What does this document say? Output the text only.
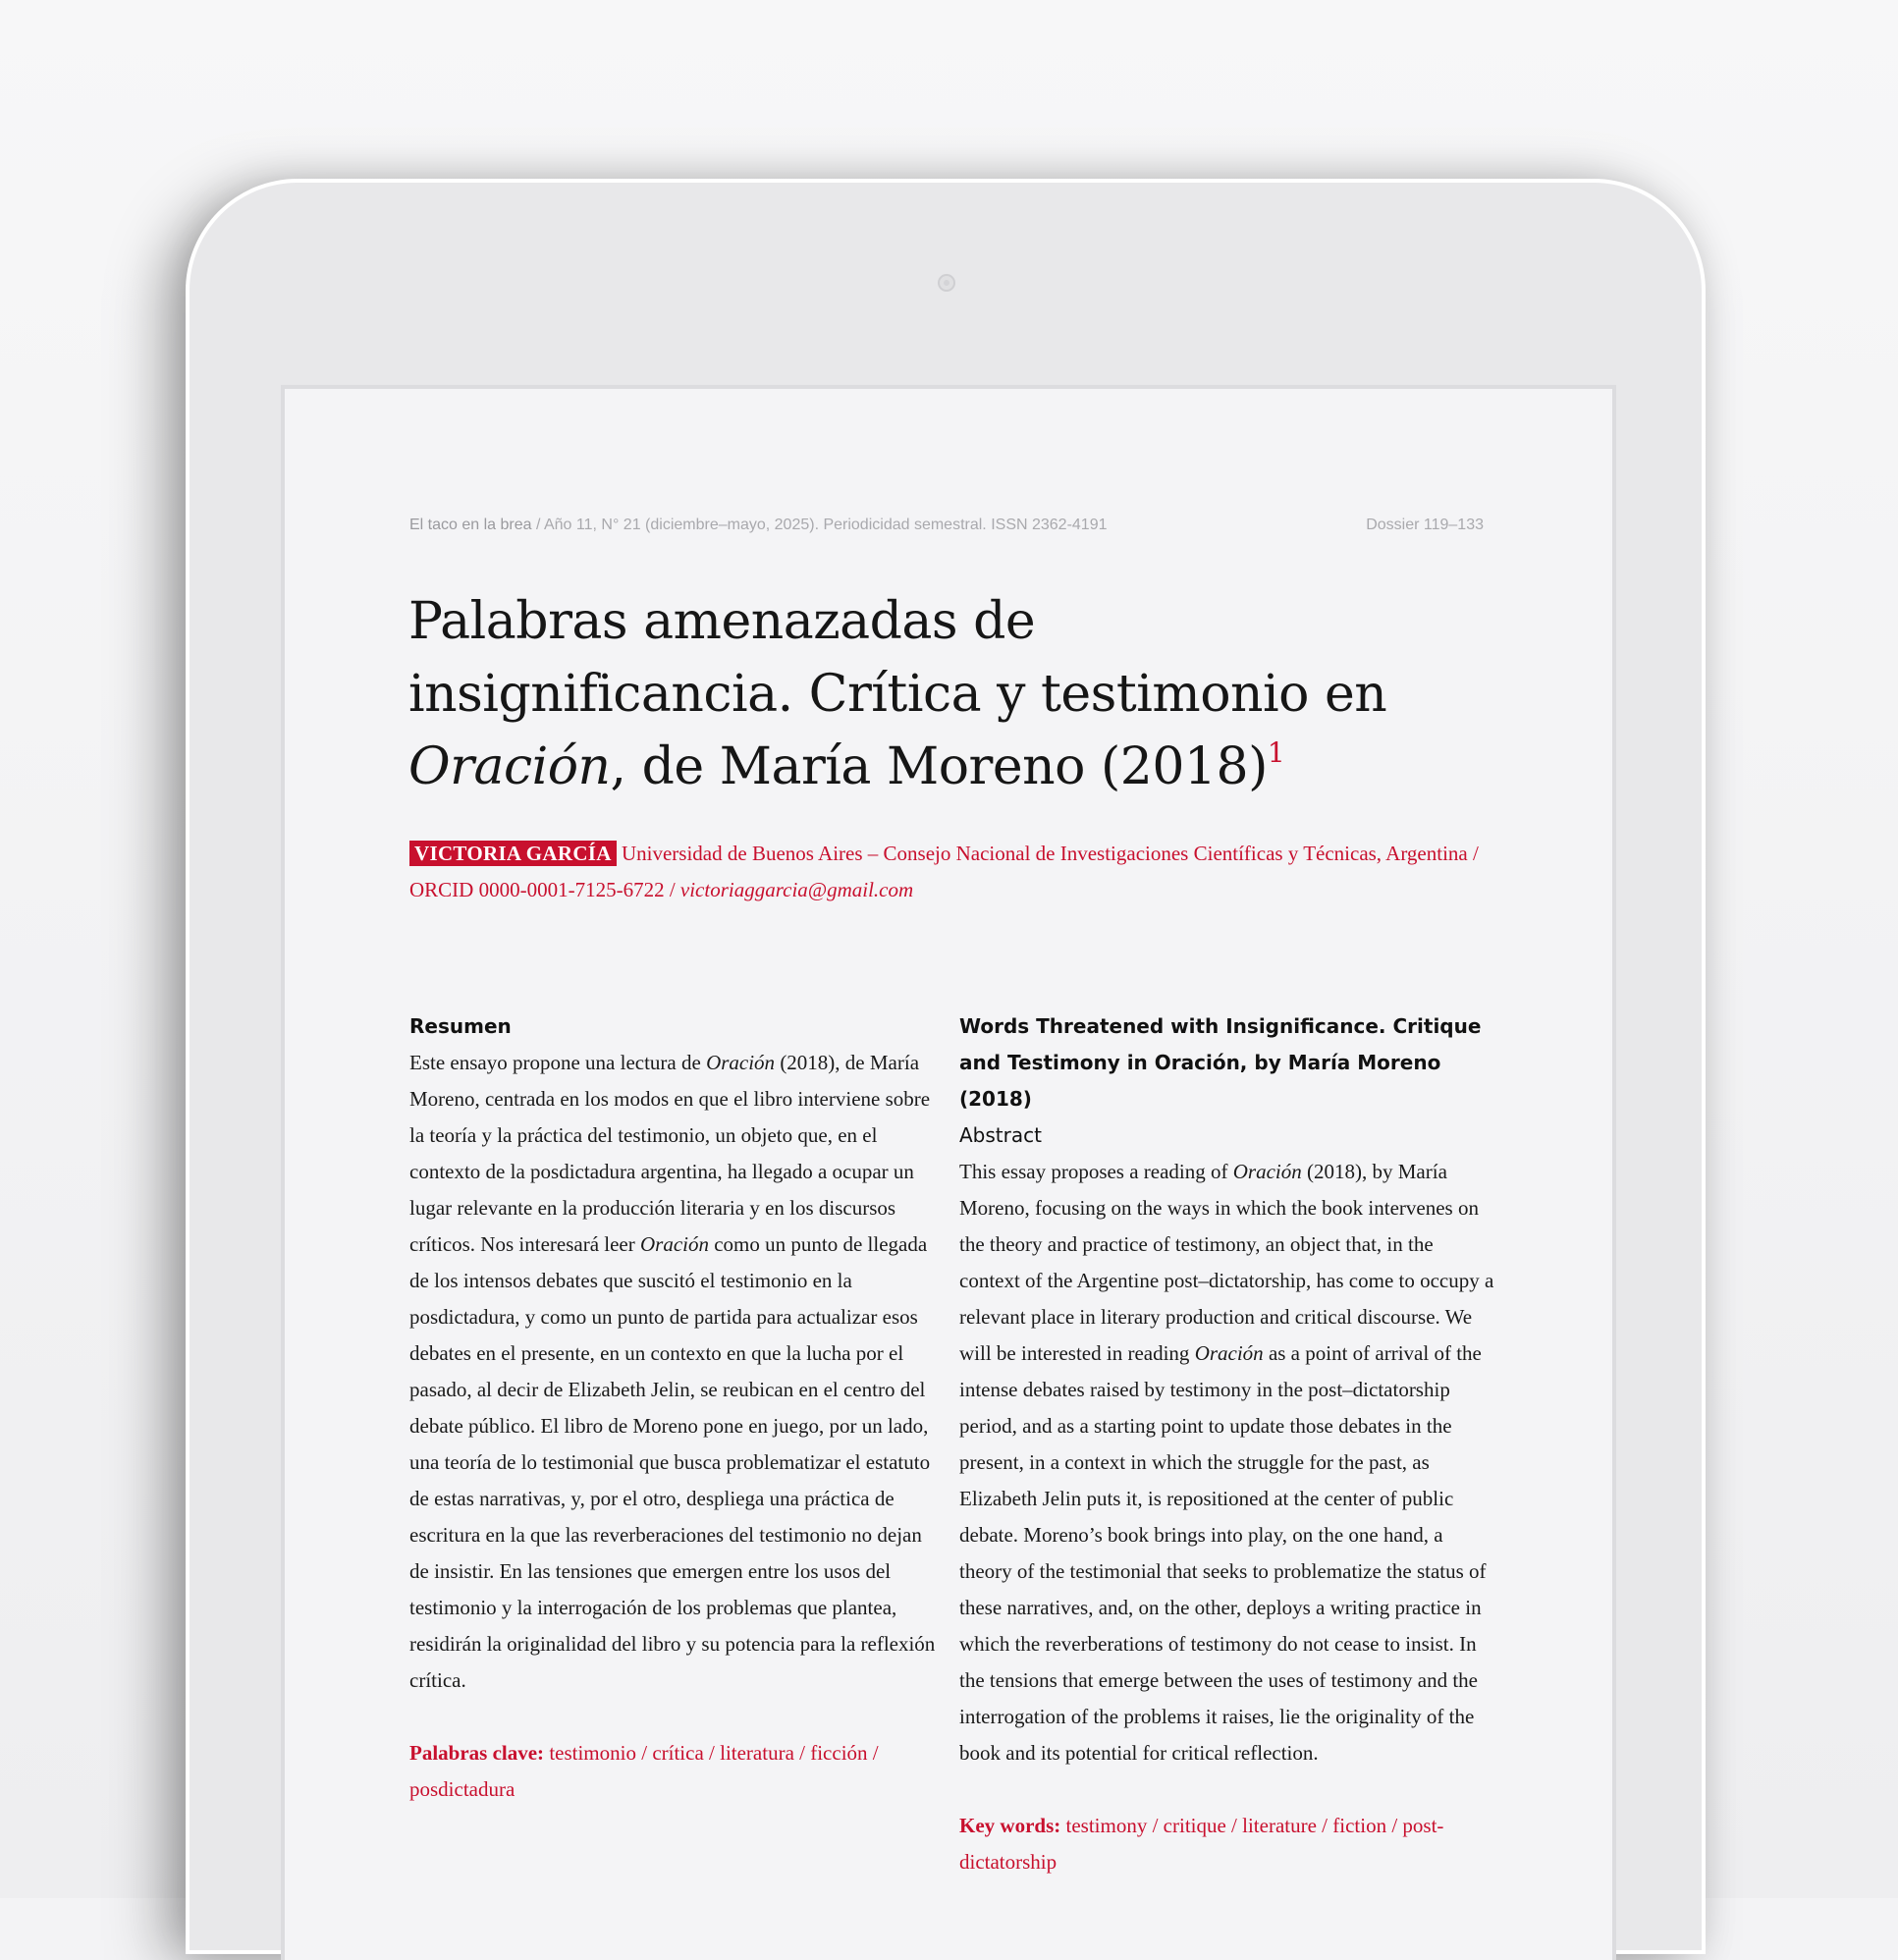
El taco en la brea / Año 11, N° 21 (diciembre–mayo, 2025). Periodicidad semestral. ISSN 2362-4191	Dossier 119–133
Palabras amenazadas de insignificancia. Crítica y testimonio en Oración, de María Moreno $(2018)^1$
VICTORIA GARCÍA Universidad de Buenos Aires – Consejo Nacional de Investigaciones Científicas y Técnicas, Argentina / ORCID 0000-0001-7125-6722 / victoriaggarcia@gmail.com
Resumen

Este ensayo propone una lectura de Oración (2018), de María Moreno, centrada en los modos en que el libro interviene sobre la teoría y la práctica del testimonio, un objeto que, en el contexto de la posdictadura argentina, ha llegado a ocupar un lugar relevante en la producción literaria y en los discursos críticos. Nos interesará leer Oración como un punto de llegada de los intensos debates que suscitó el testimonio en la posdictadura, y como un punto de partida para actualizar esos debates en el presente, en un contexto en que la lucha por el pasado, al decir de Elizabeth Jelin, se reubican en el centro del debate público. El libro de Moreno pone en juego, por un lado, una teoría de lo testimonial que busca problematizar el estatuto de estas narrativas, y, por el otro, despliega una práctica de escritura en la que las reverberaciones del testimonio no dejan de insistir. En las tensiones que emergen entre los usos del testimonio y la interrogación de los problemas que plantea, residirán la originalidad del libro y su potencia para la reflexión crítica.

Palabras clave: testimonio / crítica / literatura / ficción / posdictadura

Words Threatened with Insignificance. Critique and Testimony in Oración, by María Moreno (2018)
Abstract

This essay proposes a reading of Oración (2018), by María Moreno, focusing on the ways in which the book intervenes on the theory and practice of testimony, an object that, in the context of the Argentine post–dictatorship, has come to occupy a relevant place in literary production and critical discourse. We will be interested in reading Oración as a point of arrival of the intense debates raised by testimony in the post–dictatorship period, and as a starting point to update those debates in the present, in a context in which the struggle for the past, as Elizabeth Jelin puts it, is repositioned at the center of public debate. Moreno’s book brings into play, on the one hand, a theory of the testimonial that seeks to problematize the status of these narratives, and, on the other, deploys a writing practice in which the reverberations of testimony do not cease to insist. In the tensions that emerge between the uses of testimony and the interrogation of the problems it raises, lie the originality of the book and its potential for critical reflection.

Key words: testimony / critique / literature / fiction / post-dictatorship
